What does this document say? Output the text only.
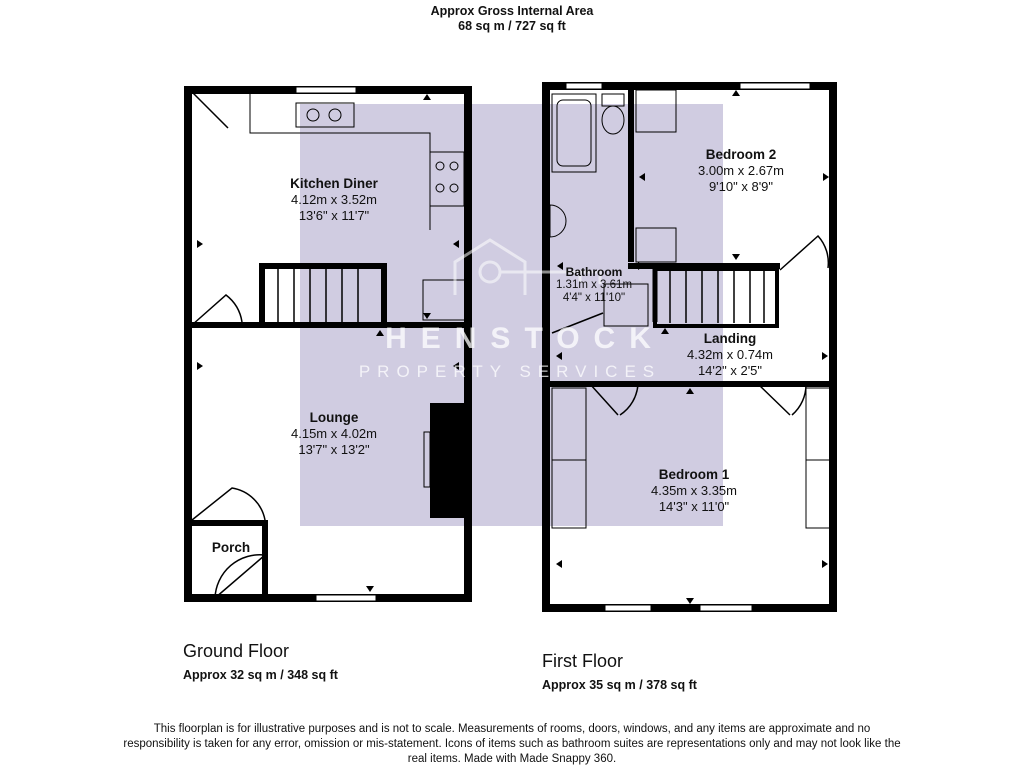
Approx Gross Internal Area
68 sq m / 727 sq ft
HENSTOCK
PROPERTY SERVICES
Kitchen Diner
4.12m x 3.52m
13'6" x 11'7"
Lounge
4.15m x 4.02m
13'7" x 13'2"
Porch
Bedroom 2
3.00m x 2.67m
9'10" x 8'9"
Bathroom
1.31m x 3.61m
4'4" x 11'10"
Landing
4.32m x 0.74m
14'2" x 2'5"
Bedroom 1
4.35m x 3.35m
14'3" x 11'0"
Ground Floor
Approx 32 sq m / 348 sq ft
First Floor
Approx 35 sq m / 378 sq ft
This floorplan is for illustrative purposes and is not to scale. Measurements of rooms, doors, windows, and any items are approximate and no responsibility is taken for any error, omission or mis-statement. Icons of items such as bathroom suites are representations only and may not look like the real items. Made with Made Snappy 360.
